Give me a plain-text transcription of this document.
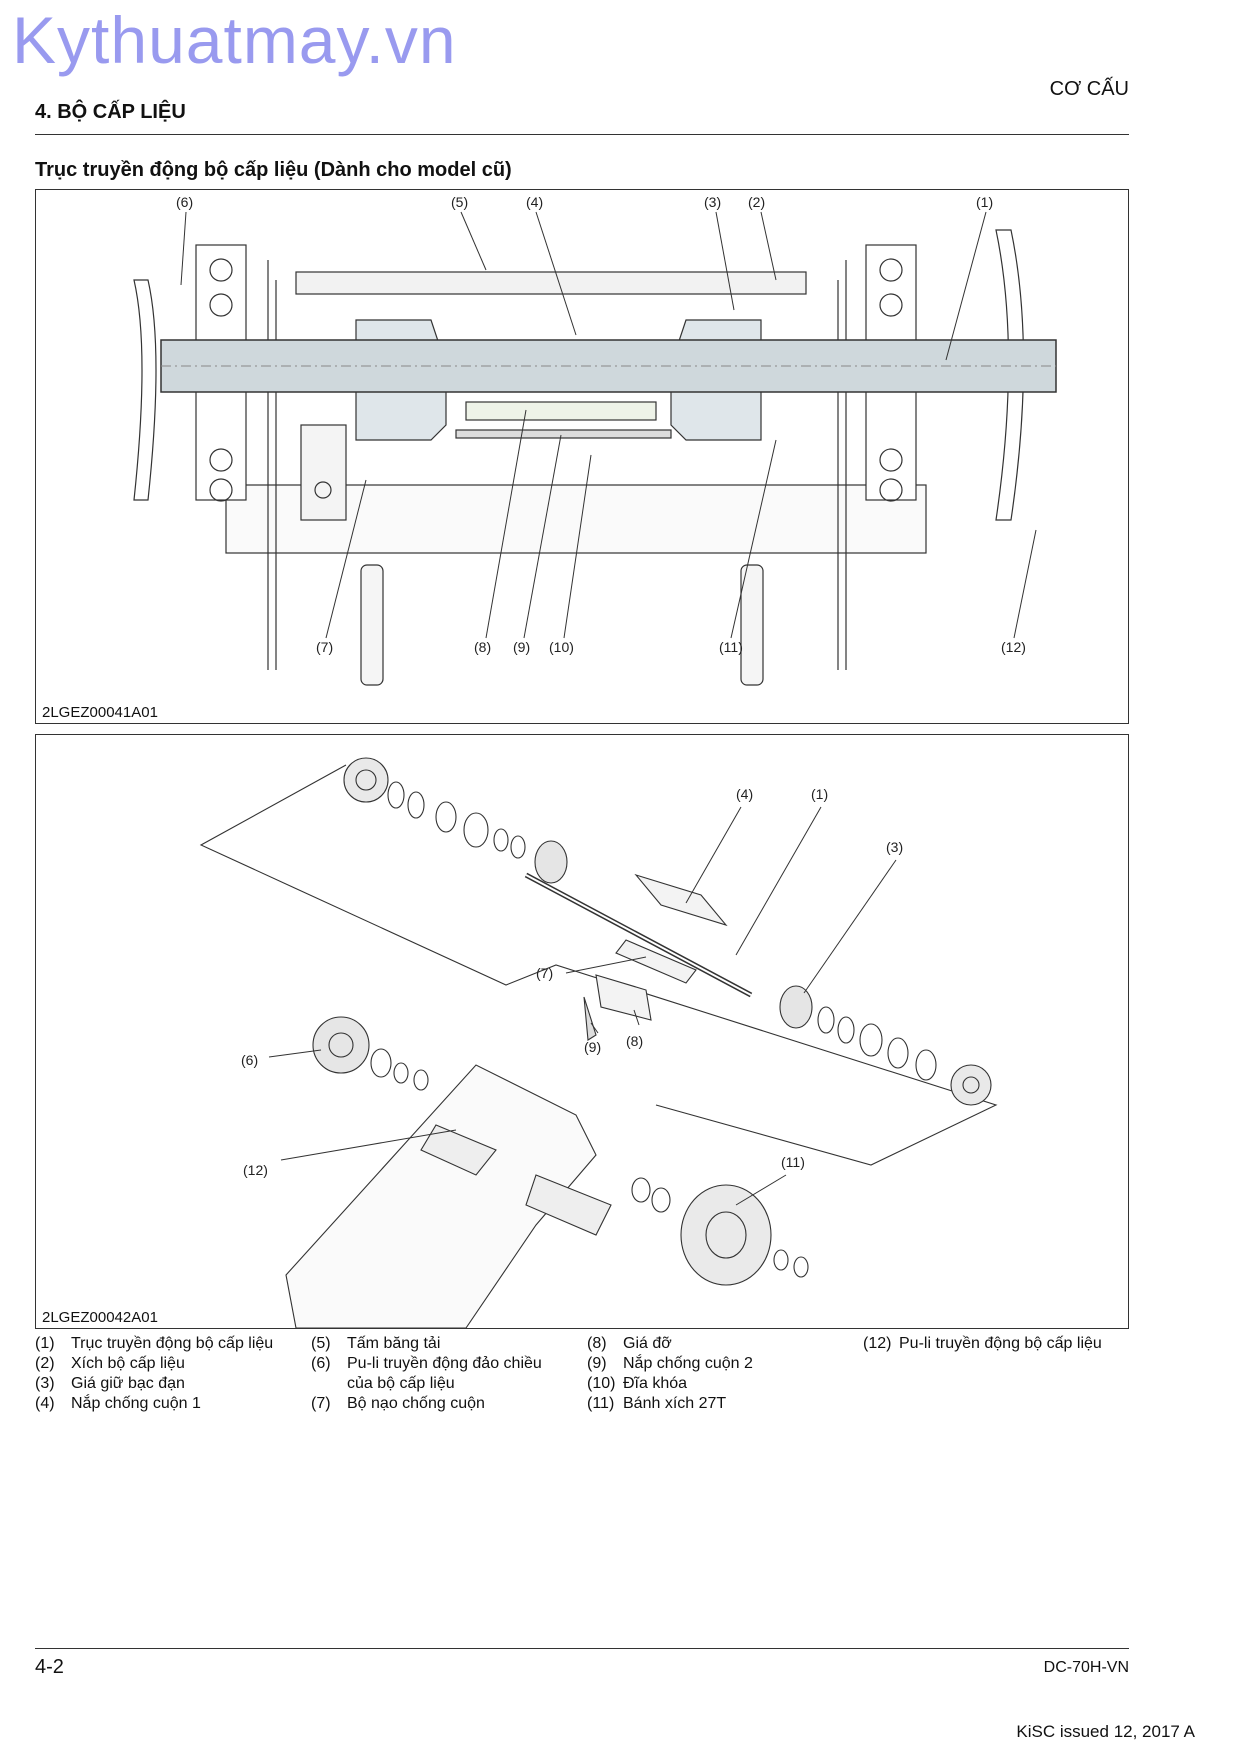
Kythuatmay.vn
CƠ CẤU
4. BỘ CẤP LIỆU
Trục truyền động bộ cấp liệu (Dành cho model cũ)
(1)
(2)
(3)
(4)
(5)
(6)
(7)	(8) (9) (10)	(11)	(12)
2LGEZ00041A01
(4)	(1)
(3)
(7)
(8)
(9)
(6)
(12)	(11)
2LGEZ00042A01
(1)	Trục truyền động bộ cấp liệu
(2)	Xích bộ cấp liệu
(3)	Giá giữ bạc đạn
(4)	Nắp chống cuộn 1
(5)	Tấm băng tải
(6)	Pu-li truyền động đảo chiều
của bộ cấp liệu
(7)	Bộ nạo chống cuộn
(8)	Giá đỡ
(9)	Nắp chống cuộn 2
(10) Đĩa khóa
(11) Bánh xích 27T
(12) Pu-li truyền động bộ cấp liệu
4-2	DC-70H-VN
KiSC issued 12, 2017 A
